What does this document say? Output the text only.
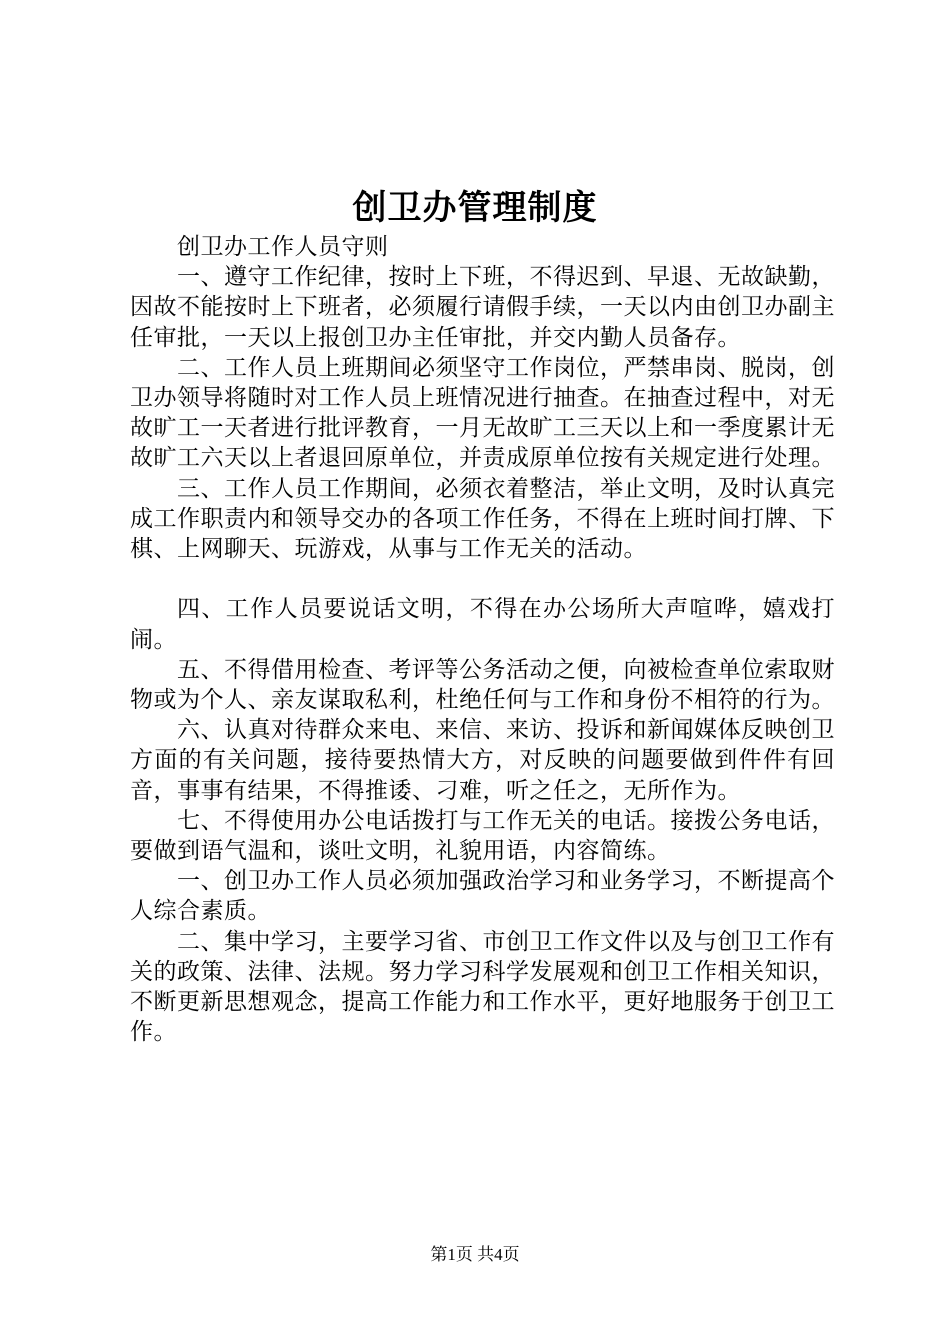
创卫办管理制度

创卫办工作人员守则

一、遵守工作纪律，按时上下班，不得迟到、早退、无故缺勤，因故不能按时上下班者，必须履行请假手续，一天以内由创卫办副主任审批，一天以上报创卫办主任审批，并交内勤人员备存。

二、工作人员上班期间必须坚守工作岗位，严禁串岗、脱岗，创卫办领导将随时对工作人员上班情况进行抽查。在抽查过程中，对无故旷工一天者进行批评教育，一月无故旷工三天以上和一季度累计无故旷工六天以上者退回原单位，并责成原单位按有关规定进行处理。

三、工作人员工作期间，必须衣着整洁，举止文明，及时认真完成工作职责内和领导交办的各项工作任务，不得在上班时间打牌、下棋、上网聊天、玩游戏，从事与工作无关的活动。

四、工作人员要说话文明，不得在办公场所大声喧哗，嬉戏打闹。

五、不得借用检查、考评等公务活动之便，向被检查单位索取财物或为个人、亲友谋取私利，杜绝任何与工作和身份不相符的行为。

六、认真对待群众来电、来信、来访、投诉和新闻媒体反映创卫方面的有关问题，接待要热情大方，对反映的问题要做到件件有回音，事事有结果，不得推诿、刁难，听之任之，无所作为。

七、不得使用办公电话拨打与工作无关的电话。接拨公务电话，要做到语气温和，谈吐文明，礼貌用语，内容简练。

一、创卫办工作人员必须加强政治学习和业务学习，不断提高个人综合素质。

二、集中学习，主要学习省、市创卫工作文件以及与创卫工作有关的政策、法律、法规。努力学习科学发展观和创卫工作相关知识，不断更新思想观念，提高工作能力和工作水平，更好地服务于创卫工作。

第1页 共4页
